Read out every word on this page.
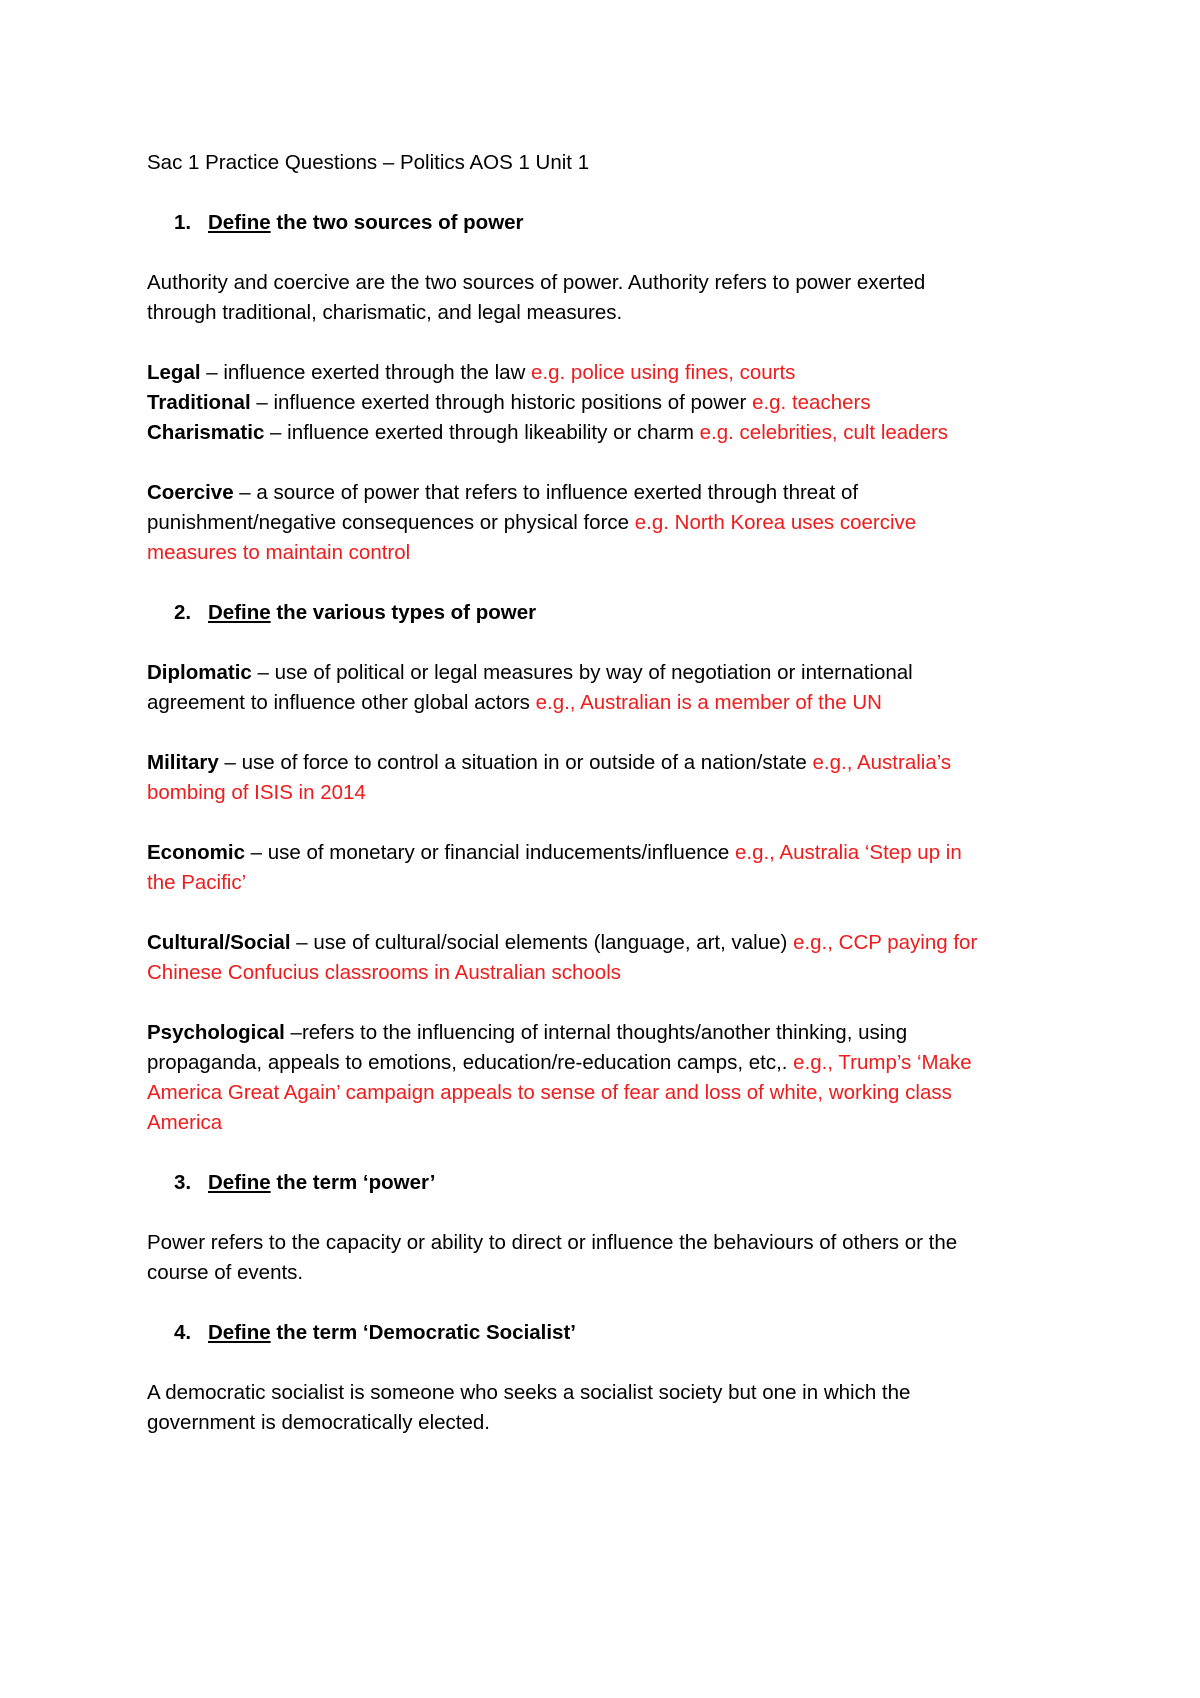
Sac 1 Practice Questions – Politics AOS 1 Unit 1
1. Define the two sources of power

Authority and coercive are the two sources of power. Authority refers to power exerted
through traditional, charismatic, and legal measures.

Legal – influence exerted through the law e.g. police using fines, courts
Traditional – influence exerted through historic positions of power e.g. teachers
Charismatic – influence exerted through likeability or charm e.g. celebrities, cult leaders

Coercive – a source of power that refers to influence exerted through threat of
punishment/negative consequences or physical force e.g. North Korea uses coercive
measures to maintain control

2. Define the various types of power

Diplomatic – use of political or legal measures by way of negotiation or international
agreement to influence other global actors e.g., Australian is a member of the UN

Military – use of force to control a situation in or outside of a nation/state e.g., Australia’s
bombing of ISIS in 2014

Economic – use of monetary or financial inducements/influence e.g., Australia ‘Step up in
the Pacific’

Cultural/Social – use of cultural/social elements (language, art, value) e.g., CCP paying for
Chinese Confucius classrooms in Australian schools

Psychological –refers to the influencing of internal thoughts/another thinking, using
propaganda, appeals to emotions, education/re-education camps, etc,. e.g., Trump’s ‘Make
America Great Again’ campaign appeals to sense of fear and loss of white, working class
America

3. Define the term ‘power’

Power refers to the capacity or ability to direct or influence the behaviours of others or the
course of events.

4. Define the term ‘Democratic Socialist’

A democratic socialist is someone who seeks a socialist society but one in which the
government is democratically elected.
